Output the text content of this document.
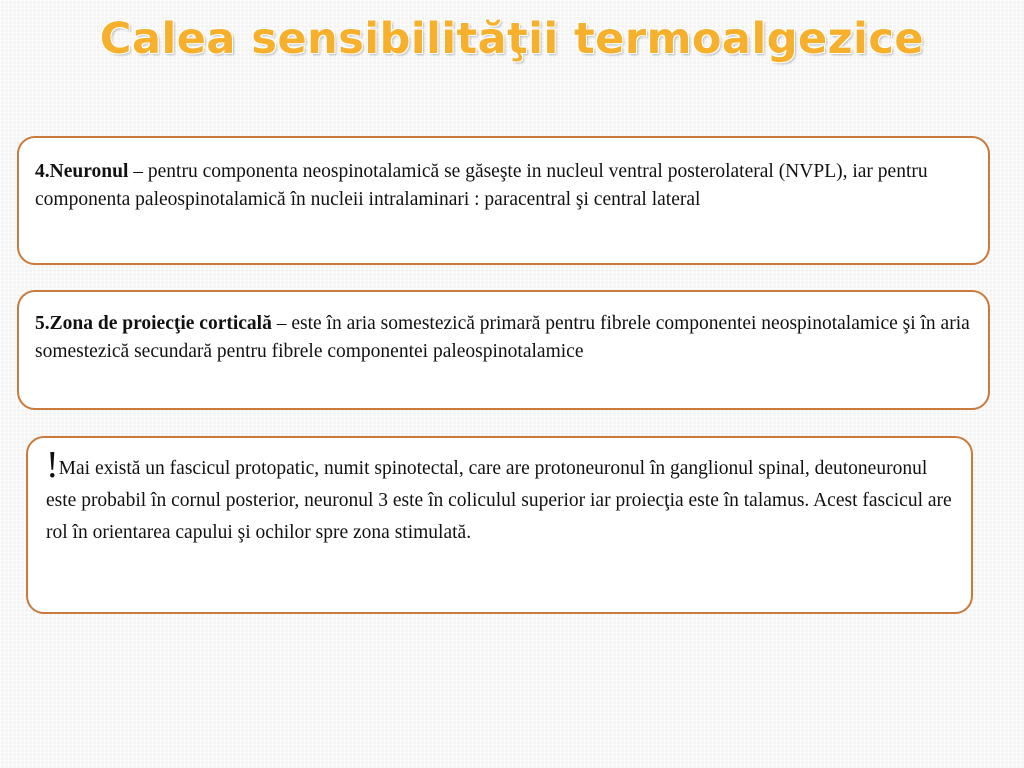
Calea sensibilităţii termoalgezice
4.Neuronul – pentru componenta neospinotalamică se găseşte in nucleul ventral posterolateral (NVPL), iar pentru componenta paleospinotalamică în nucleii intralaminari : paracentral şi central lateral
5.Zona de proiecţie corticală – este în aria somestezică primară pentru fibrele componentei neospinotalamice şi în aria somestezică secundară pentru fibrele componentei paleospinotalamice
!Mai există un fascicul protopatic, numit spinotectal, care are protoneuronul în ganglionul spinal, deutoneuronul este probabil în cornul posterior, neuronul 3 este în coliculul superior iar proiecţia este în talamus. Acest fascicul are rol în orientarea capului şi ochilor spre zona stimulată.
